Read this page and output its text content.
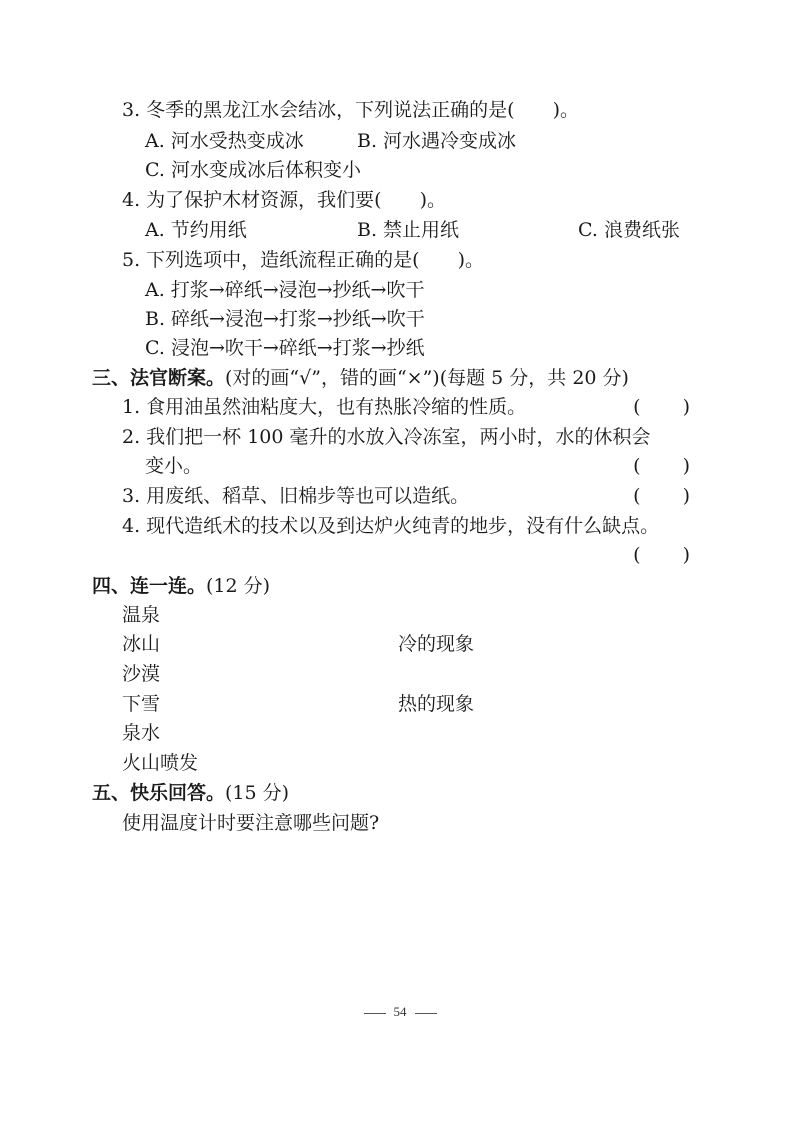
3. 冬季的黑龙江水会结冰，下列说法正确的是( )。
A. 河水受热变成冰	B. 河水遇冷变成冰
C. 河水变成冰后体积变小
4. 为了保护木材资源，我们要( )。
A. 节约用纸	B. 禁止用纸	C. 浪费纸张
5. 下列选项中，造纸流程正确的是( )。
A. 打浆→碎纸→浸泡→抄纸→吹干
B. 碎纸→浸泡→打浆→抄纸→吹干
C. 浸泡→吹干→碎纸→打浆→抄纸
三、法官断案。(对的画“√”，错的画“×”)(每题 5 分，共 20 分)
1. 食用油虽然油粘度大，也有热胀冷缩的性质。	( )
2. 我们把一杯 100 毫升的水放入冷冻室，两小时，水的休积会
变小。	( )
3. 用废纸、稻草、旧棉步等也可以造纸。	( )
4. 现代造纸术的技术以及到达炉火纯青的地步，没有什么缺点。
( )
四、连一连。(12 分)
温泉
冰山	冷的现象
沙漠
下雪	热的现象
泉水
火山喷发
五、快乐回答。(15 分)
使用温度计时要注意哪些问题?
54
